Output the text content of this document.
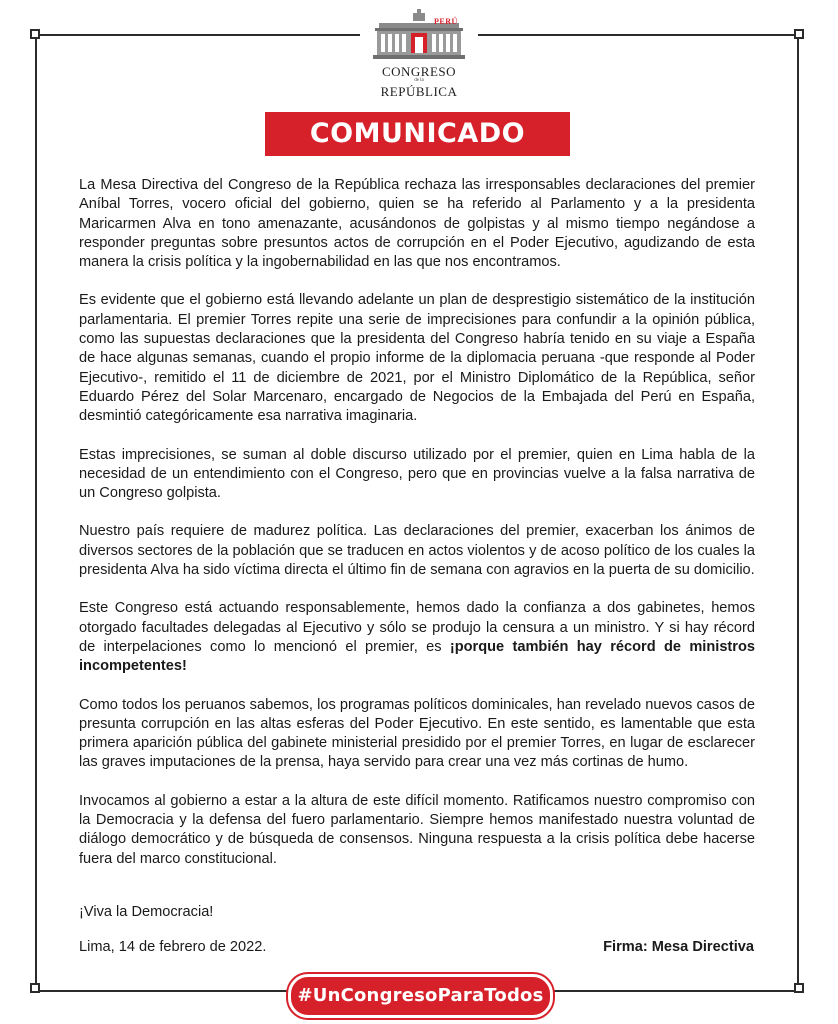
PERÚ
CONGRESO
de la
REPÚBLICA
COMUNICADO

La Mesa Directiva del Congreso de la República rechaza las irresponsables declaraciones del premier Aníbal Torres, vocero oficial del gobierno, quien se ha referido al Parlamento y a la presidenta Maricarmen Alva en tono amenazante, acusándonos de golpistas y al mismo tiempo negándose a responder preguntas sobre presuntos actos de corrupción en el Poder Ejecutivo, agudizando de esta manera la crisis política y la ingobernabilidad en las que nos encontramos.

Es evidente que el gobierno está llevando adelante un plan de desprestigio sistemático de la institución parlamentaria. El premier Torres repite una serie de imprecisiones para confundir a la opinión pública, como las supuestas declaraciones que la presidenta del Congreso habría tenido en su viaje a España de hace algunas semanas, cuando el propio informe de la diplomacia peruana -que responde al Poder Ejecutivo-, remitido el 11 de diciembre de 2021, por el Ministro Diplomático de la República, señor Eduardo Pérez del Solar Marcenaro, encargado de Negocios de la Embajada del Perú en España, desmintió categóricamente esa narrativa imaginaria.

Estas imprecisiones, se suman al doble discurso utilizado por el premier, quien en Lima habla de la necesidad de un entendimiento con el Congreso, pero que en provincias vuelve a la falsa narrativa de un Congreso golpista.

Nuestro país requiere de madurez política. Las declaraciones del premier, exacerban los ánimos de diversos sectores de la población que se traducen en actos violentos y de acoso político de los cuales la presidenta Alva ha sido víctima directa el último fin de semana con agravios en la puerta de su domicilio.

Este Congreso está actuando responsablemente, hemos dado la confianza a dos gabinetes, hemos otorgado facultades delegadas al Ejecutivo y sólo se produjo la censura a un ministro. Y si hay récord de interpelaciones como lo mencionó el premier, es ¡porque también hay récord de ministros incompetentes!

Como todos los peruanos sabemos, los programas políticos dominicales, han revelado nuevos casos de presunta corrupción en las altas esferas del Poder Ejecutivo. En este sentido, es lamentable que esta primera aparición pública del gabinete ministerial presidido por el premier Torres, en lugar de esclarecer las graves imputaciones de la prensa, haya servido para crear una vez más cortinas de humo.

Invocamos al gobierno a estar a la altura de este difícil momento. Ratificamos nuestro compromiso con la Democracia y la defensa del fuero parlamentario. Siempre hemos manifestado nuestra voluntad de diálogo democrático y de búsqueda de consensos. Ninguna respuesta a la crisis política debe hacerse fuera del marco constitucional.

¡Viva la Democracia!
Lima, 14 de febrero de 2022.	Firma: Mesa Directiva
#UnCongresoParaTodos
